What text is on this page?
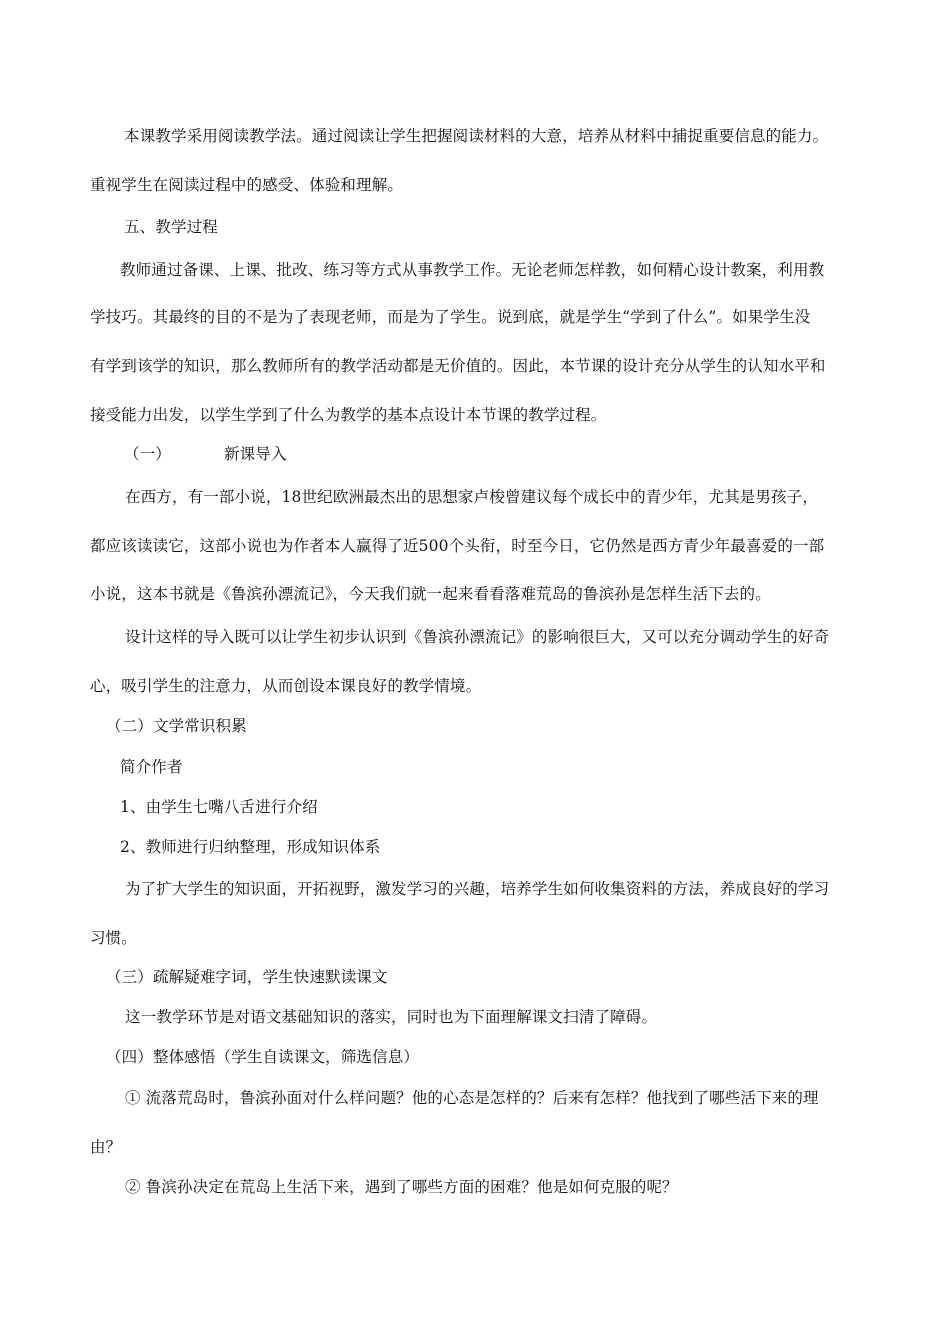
本课教学采用阅读教学法。通过阅读让学生把握阅读材料的大意，培养从材料中捕捉重要信息的能力。
重视学生在阅读过程中的感受、体验和理解。
五、教学过程
教师通过备课、上课、批改、练习等方式从事教学工作。无论老师怎样教，如何精心设计教案，利用教
学技巧。其最终的目的不是为了表现老师，而是为了学生。说到底，就是学生“学到了什么”。如果学生没
有学到该学的知识，那么教师所有的教学活动都是无价值的。因此，本节课的设计充分从学生的认知水平和
接受能力出发，以学生学到了什么为教学的基本点设计本节课的教学过程。
（一）	新课导入
在西方，有一部小说，18世纪欧洲最杰出的思想家卢梭曾建议每个成长中的青少年，尤其是男孩子，
都应该读读它，这部小说也为作者本人赢得了近500个头衔，时至今日，它仍然是西方青少年最喜爱的一部
小说，这本书就是《鲁滨孙漂流记》，今天我们就一起来看看落难荒岛的鲁滨孙是怎样生活下去的。
设计这样的导入既可以让学生初步认识到《鲁滨孙漂流记》的影响很巨大，又可以充分调动学生的好奇
心，吸引学生的注意力，从而创设本课良好的教学情境。
（二）文学常识积累
简介作者
1、由学生七嘴八舌进行介绍
2、教师进行归纳整理，形成知识体系
为了扩大学生的知识面，开拓视野，激发学习的兴趣，培养学生如何收集资料的方法，养成良好的学习
习惯。
（三）疏解疑难字词，学生快速默读课文
这一教学环节是对语文基础知识的落实，同时也为下面理解课文扫清了障碍。
（四）整体感悟（学生自读课文，筛选信息）
① 流落荒岛时，鲁滨孙面对什么样问题？他的心态是怎样的？后来有怎样？他找到了哪些活下来的理
由？
② 鲁滨孙决定在荒岛上生活下来，遇到了哪些方面的困难？他是如何克服的呢？
